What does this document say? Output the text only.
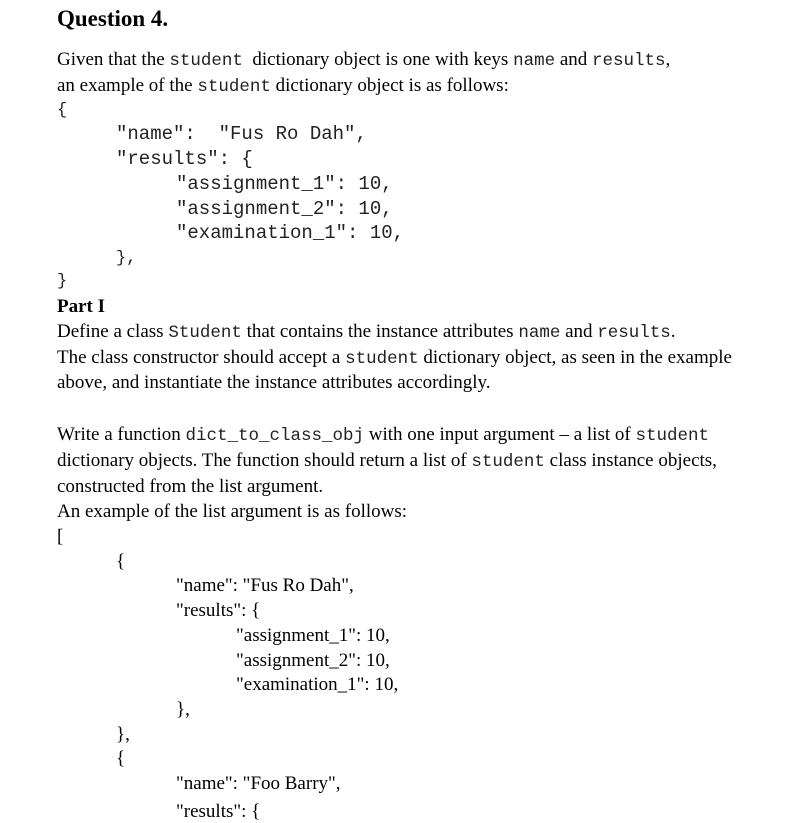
Question 4.
Given that the student  dictionary object is one with keys name and results,
an example of the student dictionary object is as follows:
{
"name":  "Fus Ro Dah",
"results": {
"assignment_1": 10,
"assignment_2": 10,
"examination_1": 10,
},
}
Part I
Define a class Student that contains the instance attributes name and results.
The class constructor should accept a student dictionary object, as seen in the example
above, and instantiate the instance attributes accordingly.
Write a function dict_to_class_obj with one input argument – a list of student
dictionary objects. The function should return a list of student class instance objects,
constructed from the list argument.
An example of the list argument is as follows:
[
{
"name": "Fus Ro Dah",
"results": {
"assignment_1": 10,
"assignment_2": 10,
"examination_1": 10,
},
},
{
"name": "Foo Barry",
"results": {
